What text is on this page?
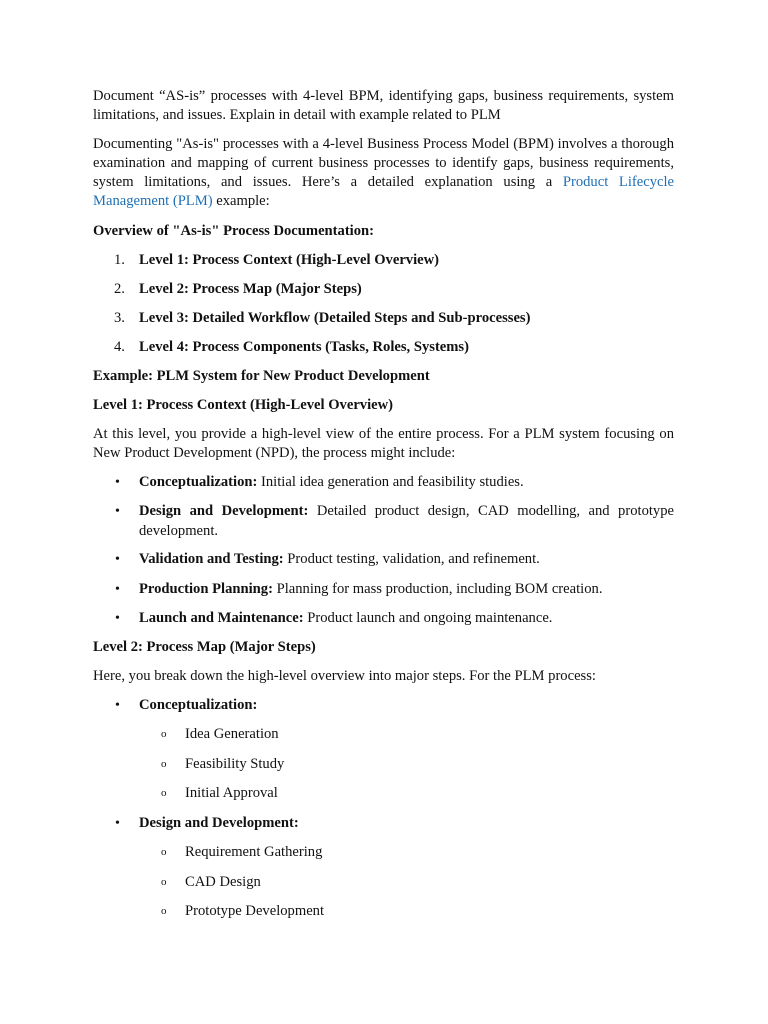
Document “AS-is” processes with 4-level BPM, identifying gaps, business requirements, system limitations, and issues. Explain in detail with example related to PLM

Documenting "As-is" processes with a 4-level Business Process Model (BPM) involves a thorough examination and mapping of current business processes to identify gaps, business requirements, system limitations, and issues. Here’s a detailed explanation using a Product Lifecycle Management (PLM) example:

Overview of "As-is" Process Documentation:

1. Level 1: Process Context (High-Level Overview)
2. Level 2: Process Map (Major Steps)
3. Level 3: Detailed Workflow (Detailed Steps and Sub-processes)
4. Level 4: Process Components (Tasks, Roles, Systems)

Example: PLM System for New Product Development

Level 1: Process Context (High-Level Overview)

At this level, you provide a high-level view of the entire process. For a PLM system focusing on New Product Development (NPD), the process might include:

•	Conceptualization: Initial idea generation and feasibility studies.
•	Design and Development: Detailed product design, CAD modelling, and prototype development.
•	Validation and Testing: Product testing, validation, and refinement.
•	Production Planning: Planning for mass production, including BOM creation.
•	Launch and Maintenance: Product launch and ongoing maintenance.

Level 2: Process Map (Major Steps)

Here, you break down the high-level overview into major steps. For the PLM process:

•	Conceptualization:
o	Idea Generation
o	Feasibility Study
o	Initial Approval
•	Design and Development:
o	Requirement Gathering
o	CAD Design
o	Prototype Development
